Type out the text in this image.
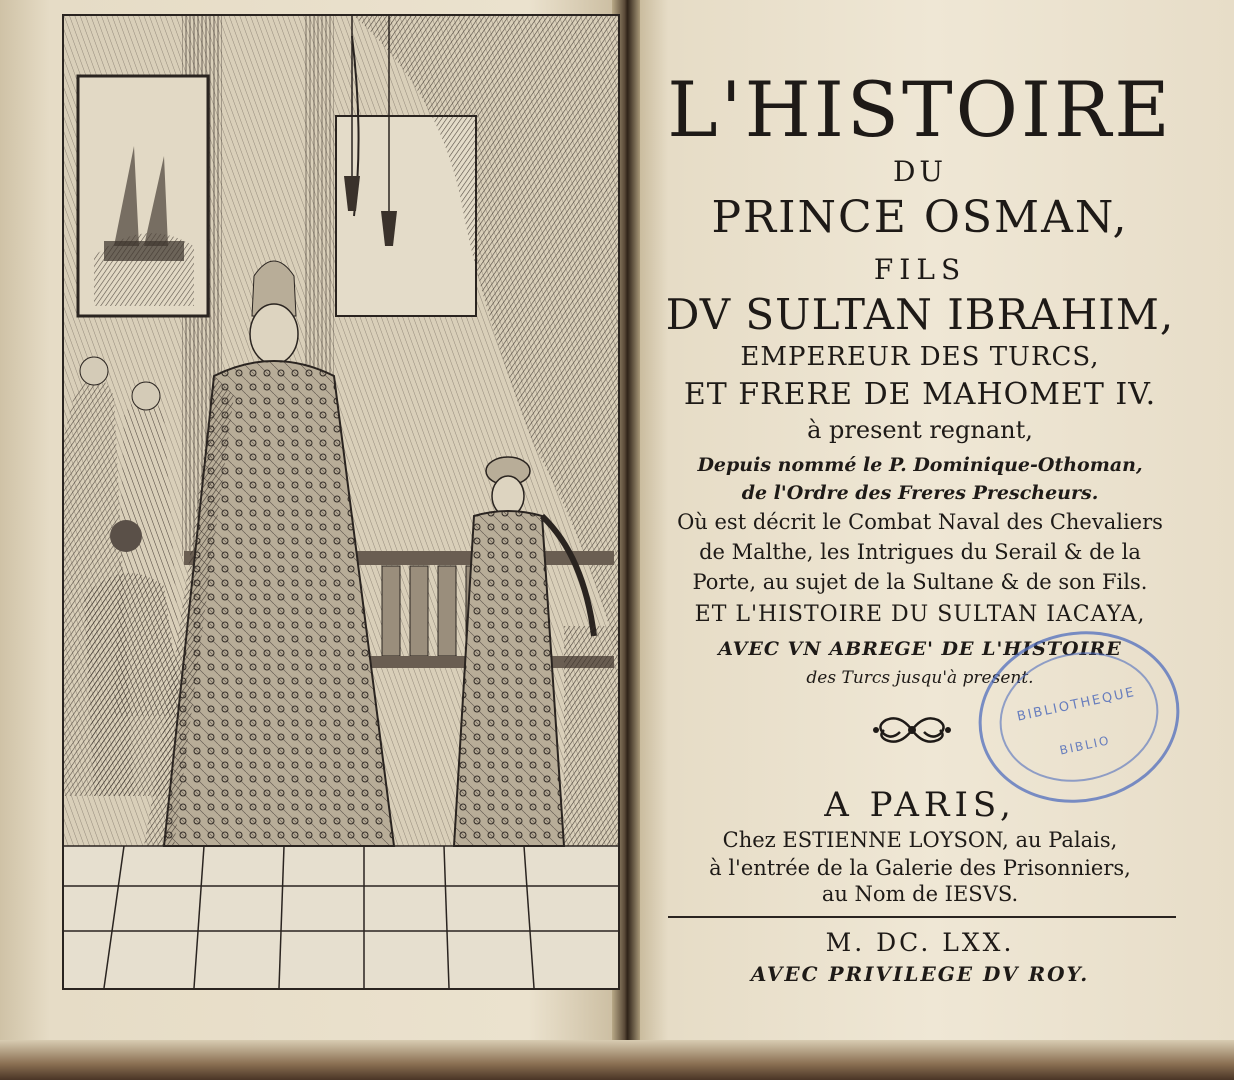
L'HISTOIRE
DU
PRINCE OSMAN,
FILS
DV SULTAN IBRAHIM,
EMPEREUR DES TURCS,
ET FRERE DE MAHOMET IV.
à present regnant,
Depuis nommé le P. Dominique-Othoman,
de l'Ordre des Freres Prescheurs.
Où est décrit le Combat Naval des Chevaliers
de Malthe, les Intrigues du Serail & de la
Porte, au sujet de la Sultane & de son Fils.
ET L'HISTOIRE DU SULTAN IACAYA,
AVEC VN ABREGE' DE L'HISTOIRE
des Turcs jusqu'à present.
A PARIS,
Chez ESTIENNE LOYSON, au Palais,
à l'entrée de la Galerie des Prisonniers,
au Nom de IESVS.
M. DC. LXX.
AVEC PRIVILEGE DV ROY.
BIBLIOTHEQUE
BIBLIO
